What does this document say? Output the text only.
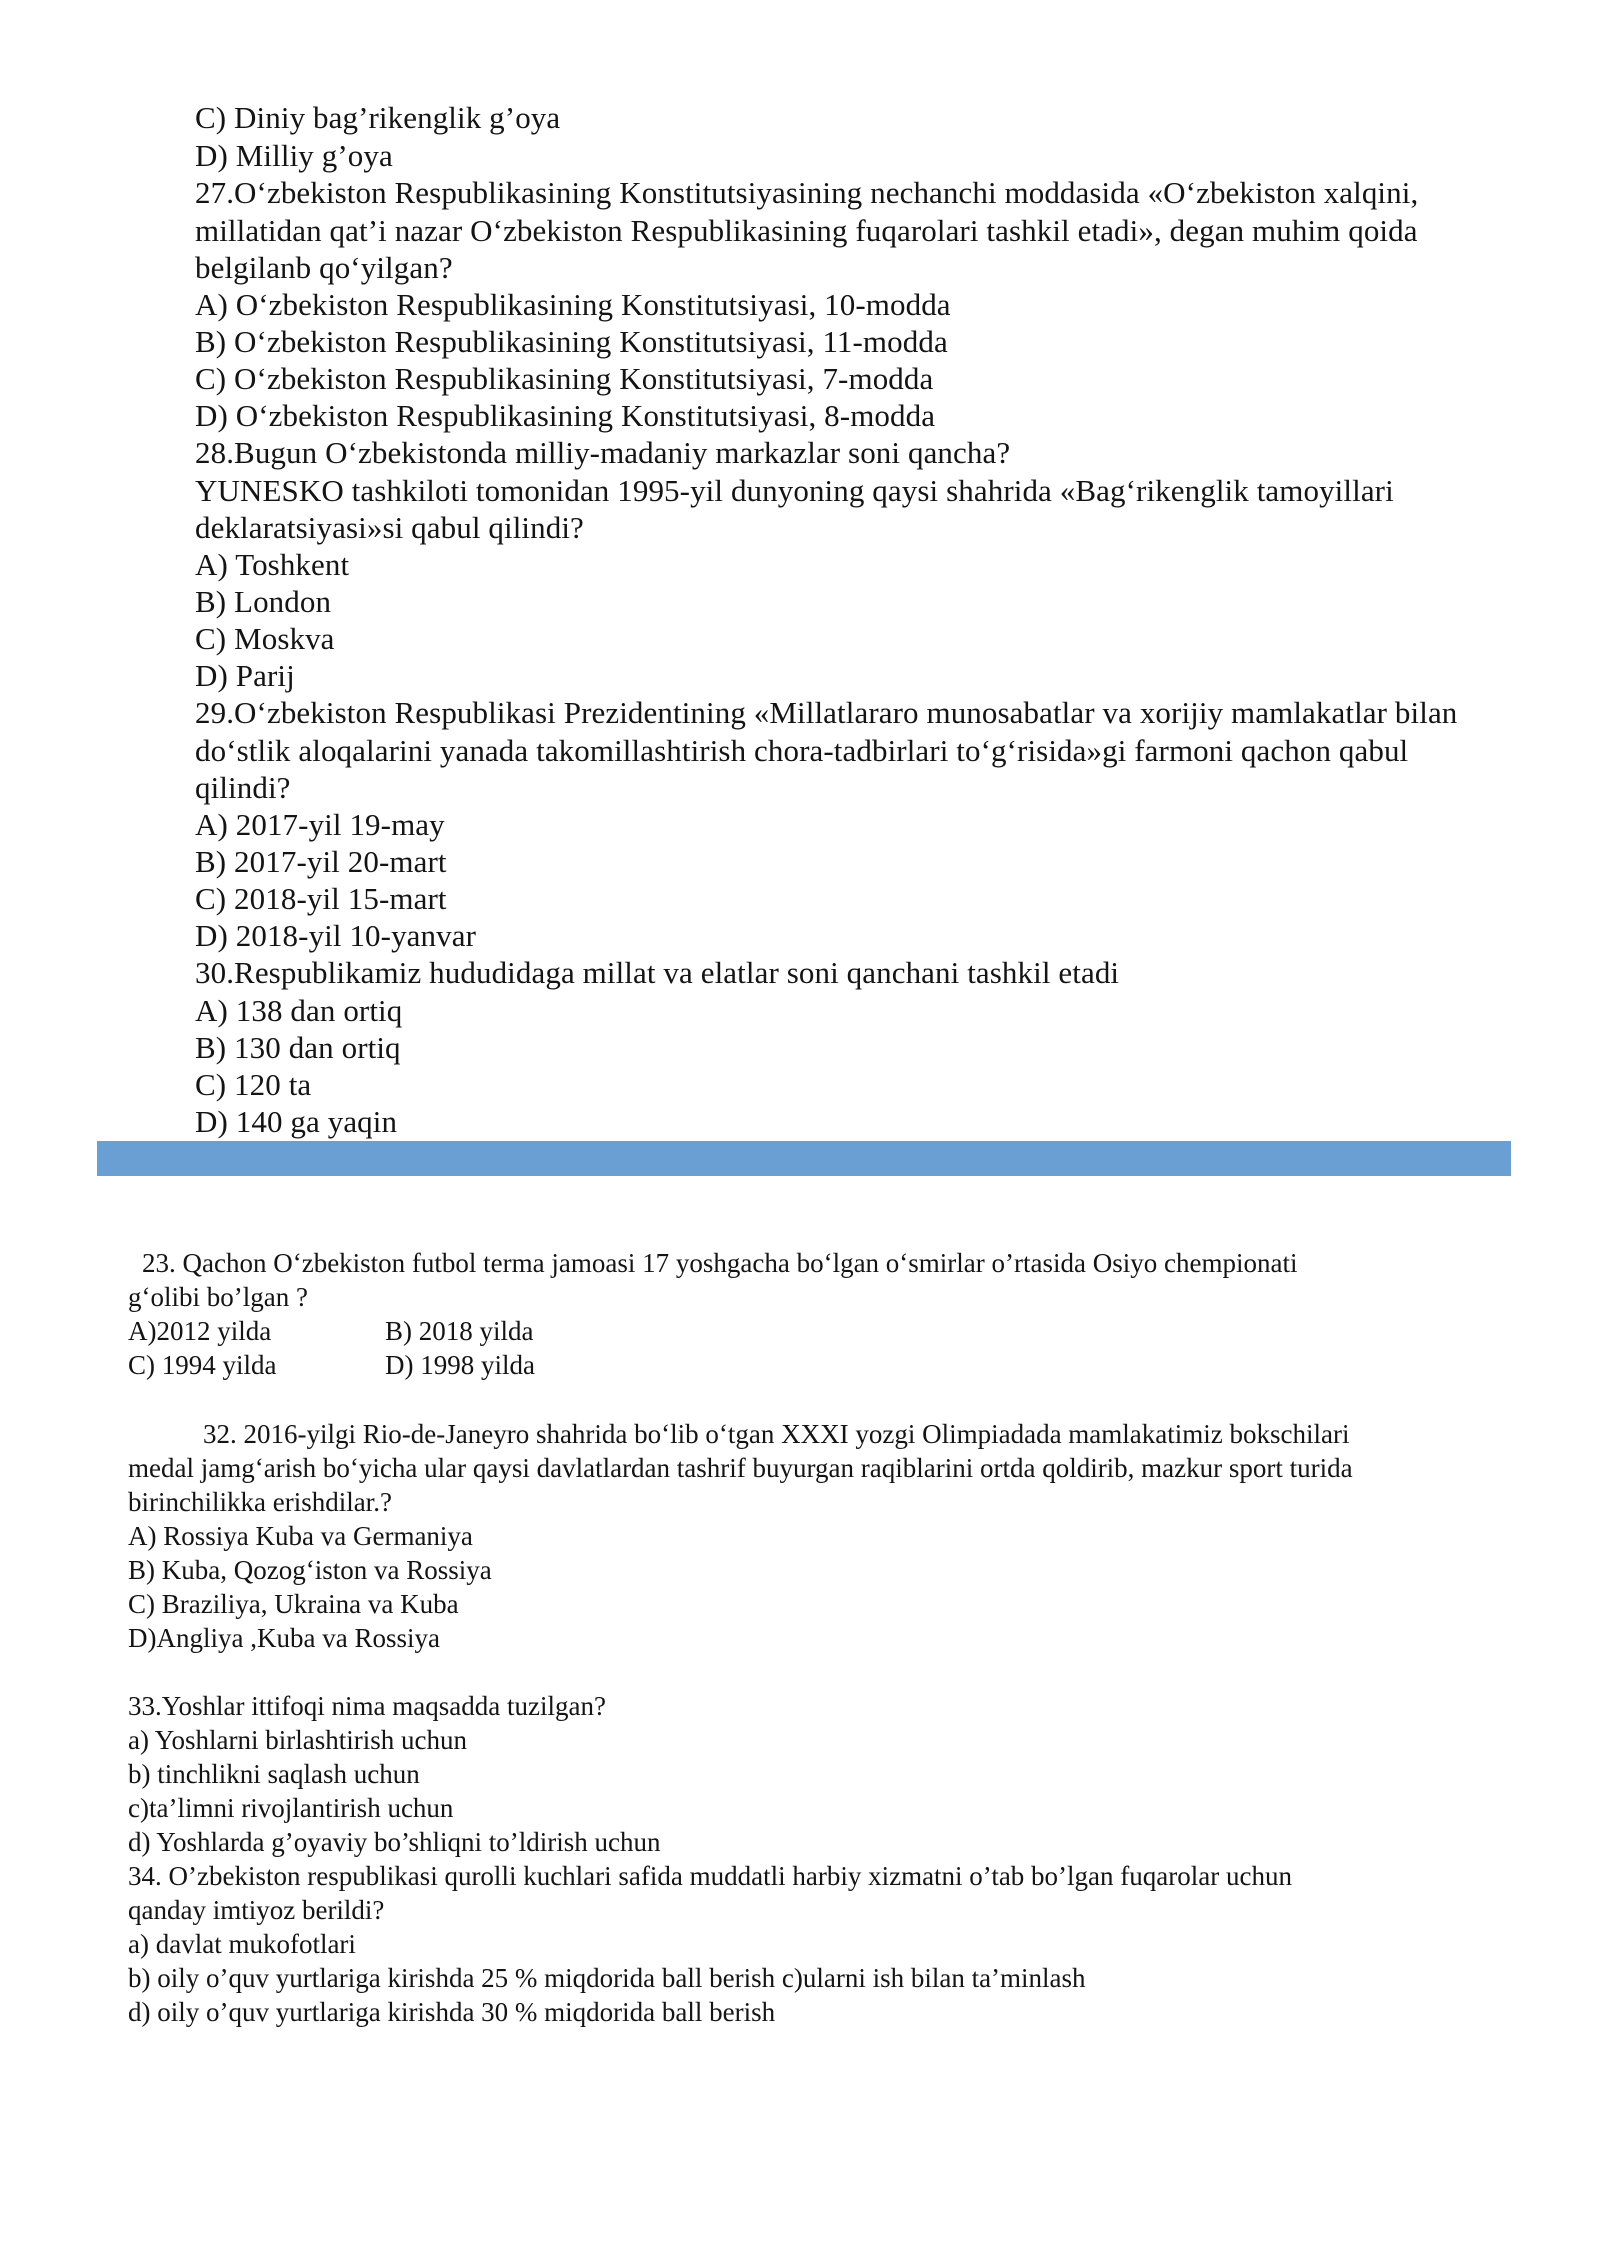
C) Diniy bag’rikenglik g’oya
D) Milliy g’oya
27.O‘zbekiston Respublikasining Konstitutsiyasining nechanchi moddasida «O‘zbekiston xalqini,
millatidan qat’i nazar O‘zbekiston Respublikasining fuqarolari tashkil etadi», degan muhim qoida
belgilanb qo‘yilgan?
A) O‘zbekiston Respublikasining Konstitutsiyasi, 10-modda
B) O‘zbekiston Respublikasining Konstitutsiyasi, 11-modda
C) O‘zbekiston Respublikasining Konstitutsiyasi, 7-modda
D) O‘zbekiston Respublikasining Konstitutsiyasi, 8-modda
28.Bugun O‘zbekistonda milliy-madaniy markazlar soni qancha?
YUNESKO tashkiloti tomonidan 1995-yil dunyoning qaysi shahrida «Bag‘rikenglik tamoyillari
deklaratsiyasi»si qabul qilindi?
A) Toshkent
B) London
C) Moskva
D) Parij
29.O‘zbekiston Respublikasi Prezidentining «Millatlararo munosabatlar va xorijiy mamlakatlar bilan
do‘stlik aloqalarini yanada takomillashtirish chora-tadbirlari to‘g‘risida»gi farmoni qachon qabul
qilindi?
A) 2017-yil 19-may
B) 2017-yil 20-mart
C) 2018-yil 15-mart
D) 2018-yil 10-yanvar
30.Respublikamiz hududidaga millat va elatlar soni qanchani tashkil etadi
A) 138 dan ortiq
B) 130 dan ortiq
C) 120 ta
D) 140 ga yaqin
23. Qachon O‘zbekiston futbol terma jamoasi 17 yoshgacha bo‘lgan o‘smirlar o’rtasida Osiyo chempionati
g‘olibi bo’lgan ?
A)2012 yilda	B) 2018 yilda
C) 1994 yilda	D) 1998 yilda
32. 2016-yilgi Rio-de-Janeyro shahrida bo‘lib o‘tgan XXXI yozgi Olimpiadada mamlakatimiz bokschilari
medal jamg‘arish bo‘yicha ular qaysi davlatlardan tashrif buyurgan raqiblarini ortda qoldirib, mazkur sport turida
birinchilikka erishdilar.?
A) Rossiya Kuba va Germaniya
B) Kuba, Qozog‘iston va Rossiya
C) Braziliya, Ukraina va Kuba
D)Angliya ,Kuba va Rossiya
33.Yoshlar ittifoqi nima maqsadda tuzilgan?
a) Yoshlarni birlashtirish uchun
b) tinchlikni saqlash uchun
c)ta’limni rivojlantirish uchun
d) Yoshlarda g’oyaviy bo’shliqni to’ldirish uchun
34. O’zbekiston respublikasi qurolli kuchlari safida muddatli harbiy xizmatni o’tab bo’lgan fuqarolar uchun
qanday imtiyoz berildi?
a) davlat mukofotlari
b) oily o’quv yurtlariga kirishda 25 % miqdorida ball berish c)ularni ish bilan ta’minlash
d) oily o’quv yurtlariga kirishda 30 % miqdorida ball berish
